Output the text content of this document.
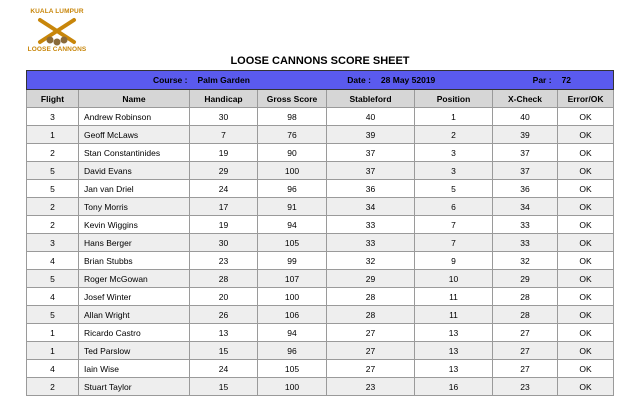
KUALA LUMPUR
LOOSE CANNONS
LOOSE CANNONS SCORE SHEET
Course : Palm Garden Date : 28 May 52019 Par : 72							

Flight	Name	Handicap	Gross Score	Stableford	Position	X-Check	Error/OK
3	Andrew Robinson	30	98	40	1	40	OK
1	Geoff McLaws	7	76	39	2	39	OK
2	Stan Constantinides	19	90	37	3	37	OK
5	David Evans	29	100	37	3	37	OK
5	Jan van Driel	24	96	36	5	36	OK
2	Tony Morris	17	91	34	6	34	OK
2	Kevin Wiggins	19	94	33	7	33	OK
3	Hans Berger	30	105	33	7	33	OK
4	Brian Stubbs	23	99	32	9	32	OK
5	Roger McGowan	28	107	29	10	29	OK
4	Josef Winter	20	100	28	11	28	OK
5	Allan Wright	26	106	28	11	28	OK
1	Ricardo Castro	13	94	27	13	27	OK
1	Ted Parslow	15	96	27	13	27	OK
4	Iain Wise	24	105	27	13	27	OK
2	Stuart Taylor	15	100	23	16	23	OK
